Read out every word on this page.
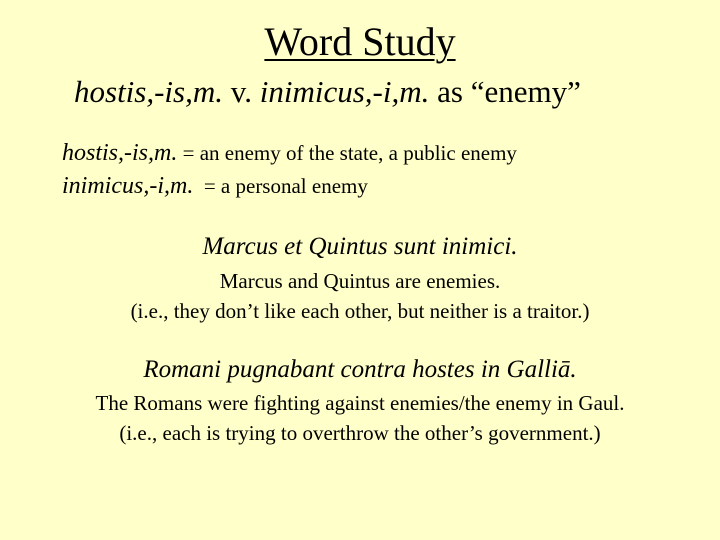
Word Study
hostis,-is,m. v. inimicus,-i,m. as “enemy”
hostis,-is,m. = an enemy of the state, a public enemy
inimicus,-i,m.  = a personal enemy
Marcus et Quintus sunt inimici.
Marcus and Quintus are enemies.
(i.e., they don’t like each other, but neither is a traitor.)
Romani pugnabant contra hostes in Galliā.
The Romans were fighting against enemies/the enemy in Gaul.
(i.e., each is trying to overthrow the other’s government.)
